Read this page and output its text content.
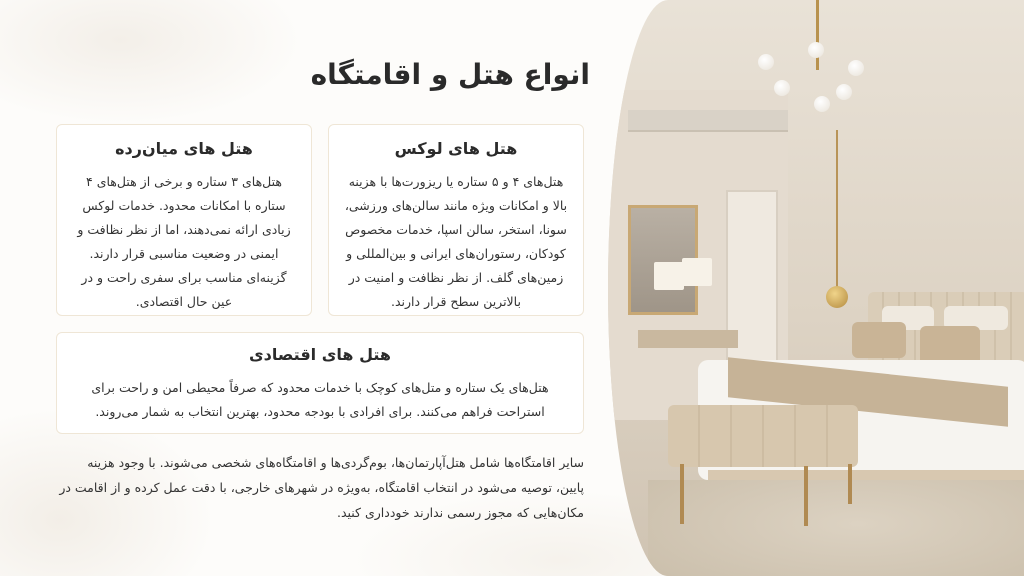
انواع هتل و اقامتگاه
هتل های لوکس

هتل‌های ۴ و ۵ ستاره یا ریزورت‌ها با هزینه بالا و امکانات ویژه مانند سالن‌های ورزشی، سونا، استخر، سالن اسپا، خدمات مخصوص کودکان، رستوران‌های ایرانی و بین‌المللی و زمین‌های گلف. از نظر نظافت و امنیت در بالاترین سطح قرار دارند.

هتل های میان‌رده

هتل‌های ۳ ستاره و برخی از هتل‌های ۴ ستاره با امکانات محدود. خدمات لوکس زیادی ارائه نمی‌دهند، اما از نظر نظافت و ایمنی در وضعیت مناسبی قرار دارند. گزینه‌ای مناسب برای سفری راحت و در عین حال اقتصادی.

هتل های اقتصادی

هتل‌های یک ستاره و متل‌های کوچک با خدمات محدود که صرفاً محیطی امن و راحت برای استراحت فراهم می‌کنند. برای افرادی با بودجه محدود، بهترین انتخاب به شمار می‌روند.

سایر اقامتگاه‌ها شامل هتل‌آپارتمان‌ها، بوم‌گردی‌ها و اقامتگاه‌های شخصی می‌شوند. با وجود هزینه پایین، توصیه می‌شود در انتخاب اقامتگاه، به‌ویژه در شهرهای خارجی، با دقت عمل کرده و از اقامت در مکان‌هایی که مجوز رسمی ندارند خودداری کنید.
